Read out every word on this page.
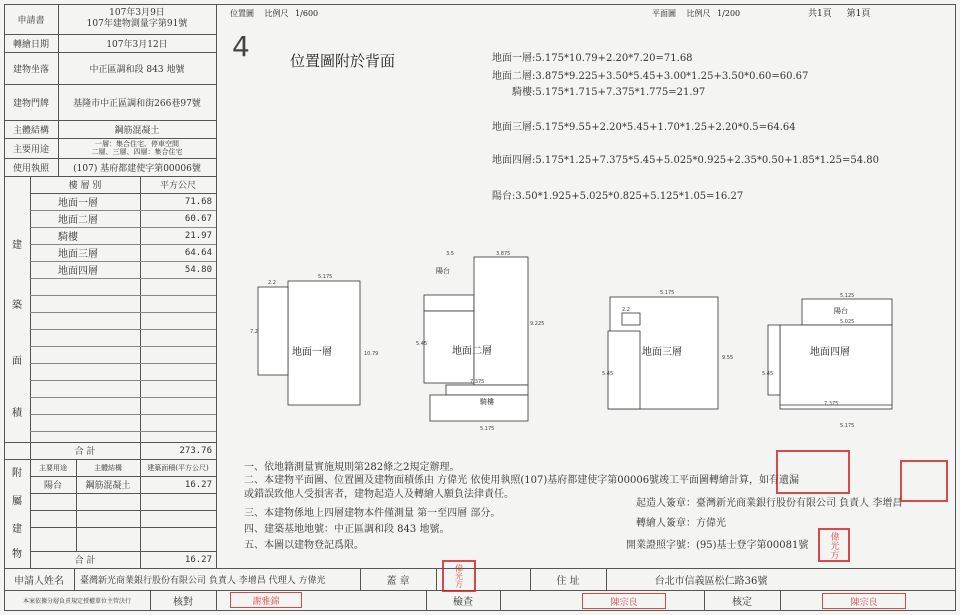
申請書
107年3月9日
107年建物測量字第91號
轉繪日期	107年3月12日
建物坐落	中正區調和段 843 地號
建物門牌	基隆市中正區調和街266巷97號
主體結構	鋼筋混凝土
主要用途
一層：集合住宅、停車空間
二層、三層、四層：集合住宅
使用執照	(107) 基府都建使字第00006號
樓 層 別	平方公尺
地面一層	71.68
地面二層	60.67
騎樓	21.97
地面三層	64.64
地面四層	54.80
建
築
面
積
合 計	273.76
主要用途	主體結構	建築面積(平方公尺)
陽台	鋼筋混凝土	16.27
附
屬
建
物
合 計	16.27
位置圖 比例尺 1/600	平面圖 比例尺 1/200	共1頁 第1頁
4	位置圖附於背面	地面一層:5.175*10.79+2.20*7.20=71.68
地面二層:3.875*9.225+3.50*5.45+3.00*1.25+3.50*0.60=60.67
騎樓:5.175*1.715+7.375*1.775=21.97
地面三層:5.175*9.55+2.20*5.45+1.70*1.25+2.20*0.5=64.64
地面四層:5.175*1.25+7.375*5.45+5.025*0.925+2.35*0.50+1.85*1.25=54.80
陽台:3.50*1.925+5.025*0.825+5.125*1.05=16.27
地面一層
5.175
2.2
7.2
10.79
陽台
地面二層
騎樓
3.5	3.875
5.175
9.225
5.45
7.375
地面三層
5.175
2.2
5.45
9.55
陽台
地面四層
5.125
5.025
7.375
5.175
5.45
一、依地籍測量實施規則第282條之2規定辦理。
二、本建物平面圖、位置圖及建物面積係由 方偉光 依使用執照(107)基府都建使字第00006號竣工平面圖轉繪計算，如有遺漏或錯誤致他人受損害者，建物起造人及轉繪人願負法律責任。
三、本建物係地上四層建物本件僅測量 第一至四層 部分。
四、建築基地地號：中正區調和段 843 地號。
五、本圖以建物登記爲限。
起造人簽章：臺灣新光商業銀行股份有限公司 負責人 李增昌
轉繪人簽章：方偉光
開業證照字號：(95)基士登字第00081號	偉光方
申請人姓名	臺灣新光商業銀行股份有限公司 負責人 李增昌 代理人 方偉光	蓋 章	偉光方	住 址	台北市信義區松仁路36號
本案依據分層負責規定授權單位主管決行	核對	謝雅錦	檢查	陳宗良	核定	陳宗良
